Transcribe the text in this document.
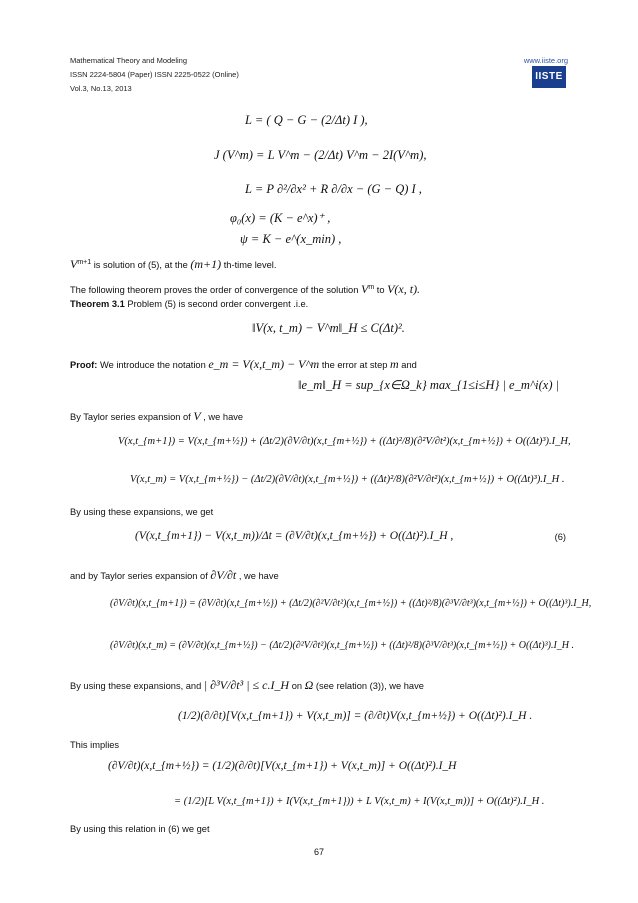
Mathematical Theory and Modeling
ISSN 2224-5804 (Paper) ISSN 2225-0522 (Online)
Vol.3, No.13, 2013
www.iiste.org
IISTE
L = ( Q − G − (2/Δt) I ),
J (V^m) = L V^m − (2/Δt) V^m − 2I(V^m),
L = P ∂²/∂x² + R ∂/∂x − (G − Q) I ,
φ₀(x) = (K − e^x)⁺ ,
ψ = K − e^(x_min) ,
$V^{m+1}$ is solution of (5), at the (m+1) th-time level.
The following theorem proves the order of convergence of the solution $V^m$ to V(x, t).
Theorem 3.1 Problem (5) is second order convergent .i.e.
‖V(x, t_m) − V^m‖_H ≤ C(Δt)².
Proof: We introduce the notation e_m = V(x,t_m) − V^m the error at step m and
‖e_m‖_H = sup_{x∈Ω_k} max_{1≤i≤H} | e_m^i(x) |
By Taylor series expansion of V , we have
V(x,t_{m+1}) = V(x,t_{m+½}) + (Δt/2)(∂V/∂t)(x,t_{m+½}) + ((Δt)²/8)(∂²V/∂t²)(x,t_{m+½}) + O((Δt)³).I_H,
V(x,t_m) = V(x,t_{m+½}) − (Δt/2)(∂V/∂t)(x,t_{m+½}) + ((Δt)²/8)(∂²V/∂t²)(x,t_{m+½}) + O((Δt)³).I_H .
By using these expansions, we get
(V(x,t_{m+1}) − V(x,t_m))/Δt = (∂V/∂t)(x,t_{m+½}) + O((Δt)²).I_H ,	(6)
and by Taylor series expansion of ∂V/∂t , we have
(∂V/∂t)(x,t_{m+1}) = (∂V/∂t)(x,t_{m+½}) + (Δt/2)(∂²V/∂t²)(x,t_{m+½}) + ((Δt)²/8)(∂³V/∂t³)(x,t_{m+½}) + O((Δt)³).I_H,
(∂V/∂t)(x,t_m) = (∂V/∂t)(x,t_{m+½}) − (Δt/2)(∂²V/∂t²)(x,t_{m+½}) + ((Δt)²/8)(∂³V/∂t³)(x,t_{m+½}) + O((Δt)³).I_H .
By using these expansions, and | ∂³V/∂t³ | ≤ c.I_H on Ω (see relation (3)), we have
(1/2)(∂/∂t)[V(x,t_{m+1}) + V(x,t_m)] = (∂/∂t)V(x,t_{m+½}) + O((Δt)²).I_H .
This implies
(∂V/∂t)(x,t_{m+½}) = (1/2)(∂/∂t)[V(x,t_{m+1}) + V(x,t_m)] + O((Δt)²).I_H
= (1/2)[L V(x,t_{m+1}) + I(V(x,t_{m+1})) + L V(x,t_m) + I(V(x,t_m))] + O((Δt)²).I_H .
By using this relation in (6) we get
67
